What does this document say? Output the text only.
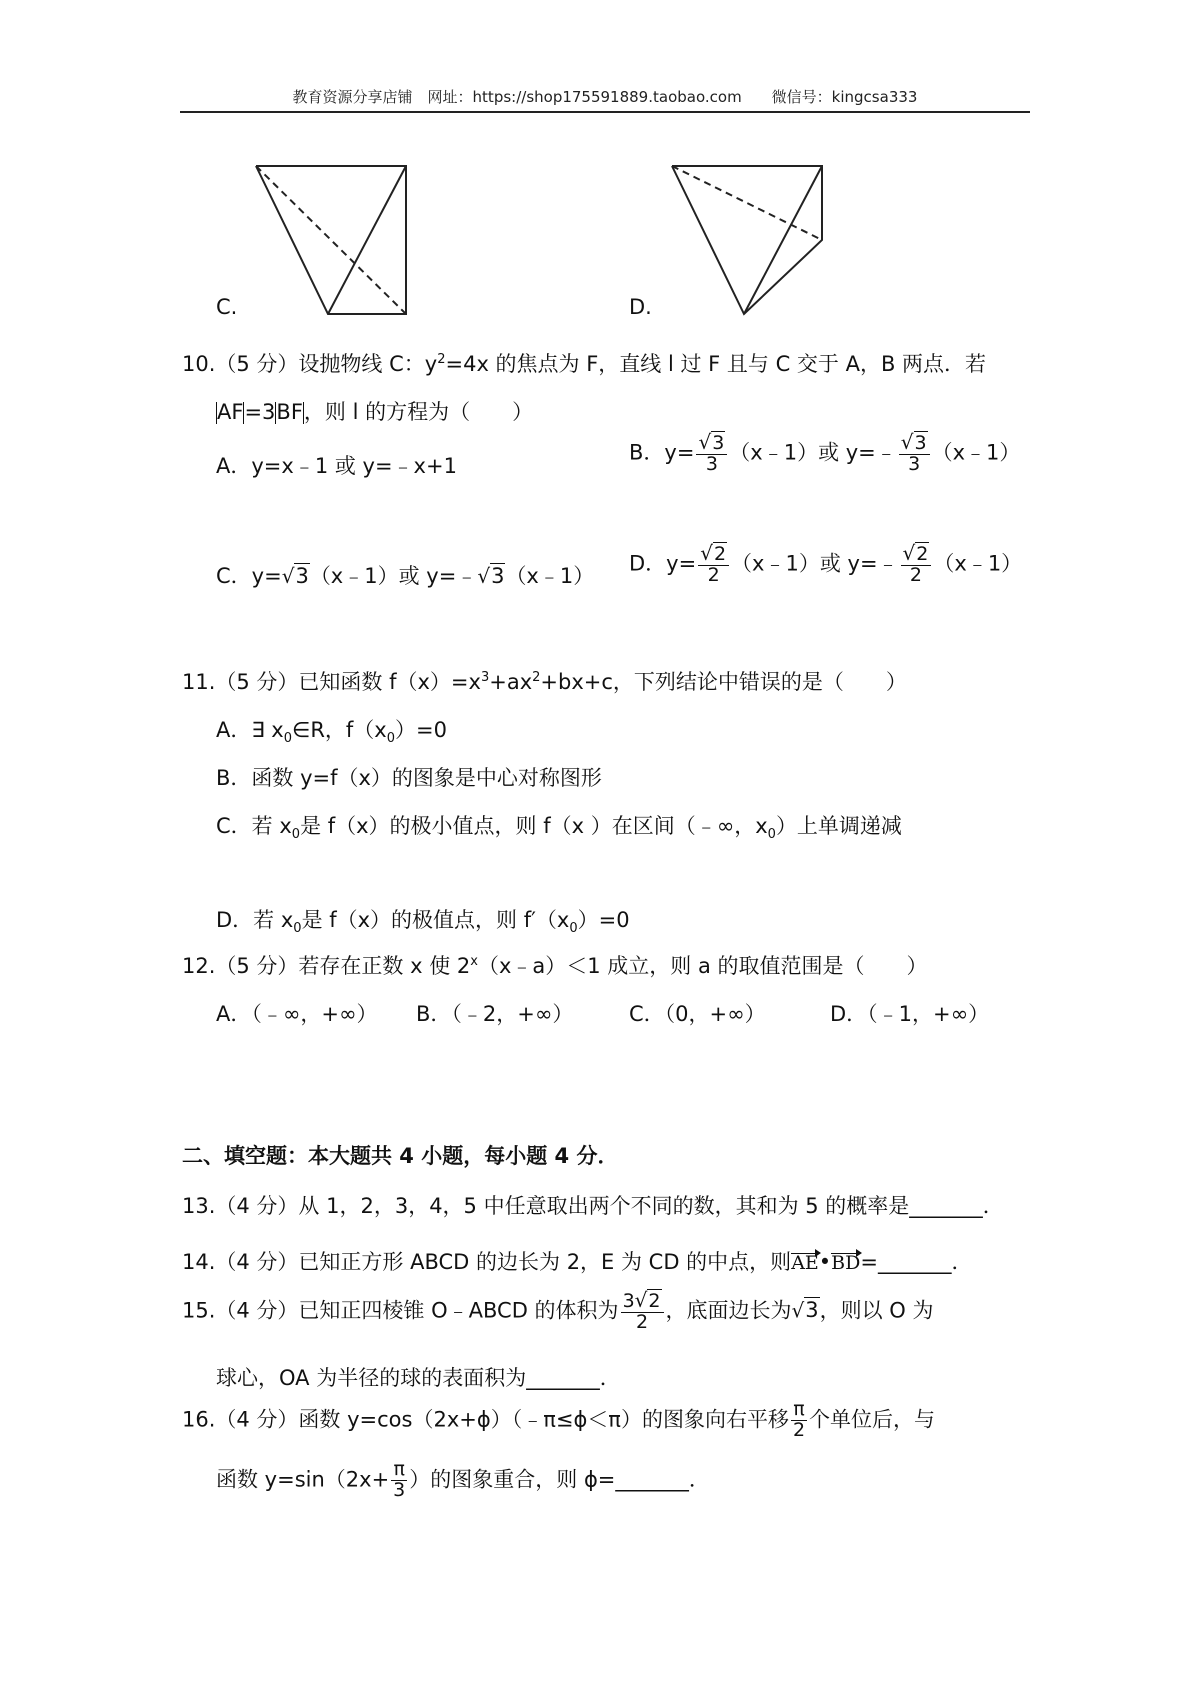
教育资源分享店铺　网址：https://shop175591889.taobao.com　　微信号：kingcsa333
C.	D.
10.（5 分）设抛物线 C：$y^2=4x$ 的焦点为 F，直线 l 过 F 且与 C 交于 A，B 两点．若
AF=3BF，则 l 的方程为（　　）
A．y=x﹣1 或 y=﹣x+1
B．$y= \frac{√3}{3}$ （x﹣1）或 y=﹣ $\frac{√3}{3}$ （x﹣1）
C．y=√3（x﹣1）或 y=﹣√3（x﹣1）
D．$y= \frac{√2}{2}$ （x﹣1）或 y=﹣ $\frac{√2}{2}$ （x﹣1）
11.（5 分）已知函数 $f(x)=x^3+ax^2+bx+c$，下列结论中错误的是（　　）
A．∃ $x_0\in R$，$f(x_0)=0$
B．函数 y=f（x）的图象是中心对称图形
C．若 $x_0$是 f（x）的极小值点，则 f（x ）在区间（﹣∞，$x_0$）上单调递减
D．若 $x_0$是 f（x）的极值点，则 $f'(x_0)=0$
12.（5 分）若存在正数 x 使 $2^x(x﹣a)<1$ 成立，则 a 的取值范围是（　　）
A．（﹣∞，+∞） B．（﹣2，+∞）	C．（0，+∞）	D．（﹣1，+∞）
二、填空题：本大题共 4 小题，每小题 4 分．
13.（4 分）从 1，2，3，4，5 中任意取出两个不同的数，其和为 5 的概率是_______．
14.（4 分）已知正方形 ABCD 的边长为 2，E 为 CD 的中点，则AE•BD=_______．
15.（4 分）已知正四棱锥 O﹣ABCD 的体积为 $\frac{3√2}{2}$ ，底面边长为√3，则以 O 为
球心，OA 为半径的球的表面积为_______．
16.（4 分）函数 y=cos（2x+ϕ）（﹣π≤ϕ＜π）的图象向右平移 $\frac{\pi}{2}$ 个单位后，与
函数 $y=\sin(2x+ \frac{\pi}{3}$ ）的图象重合，则 ϕ=_______．
